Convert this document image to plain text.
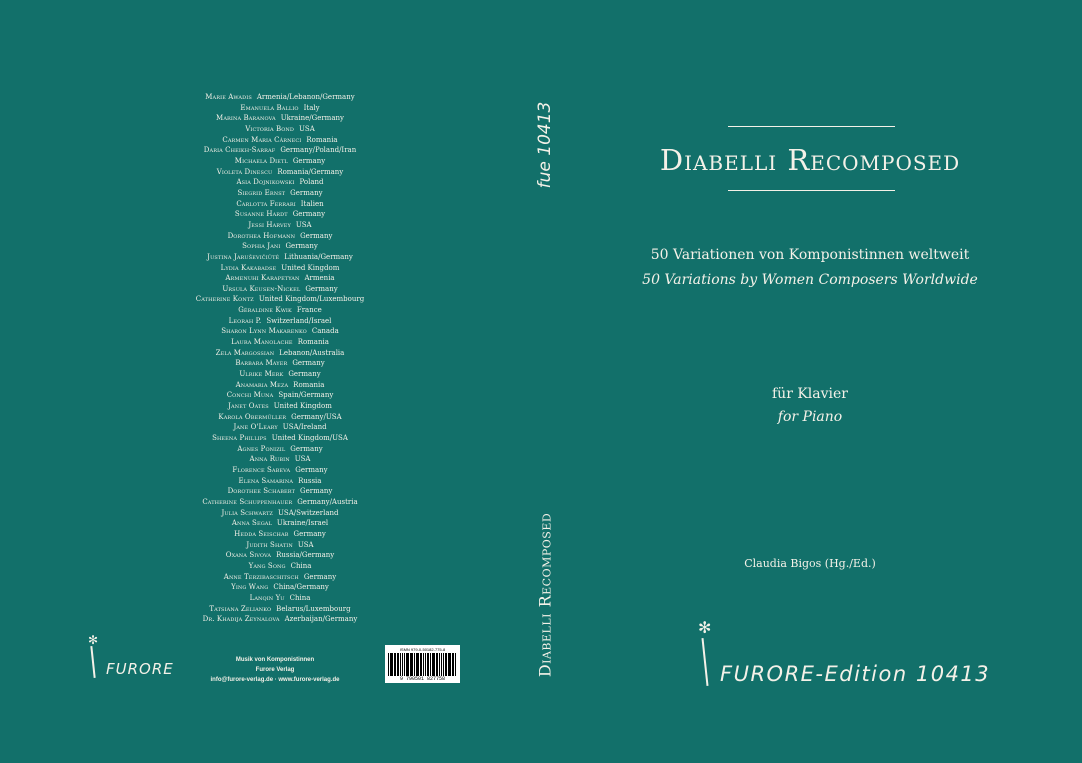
Marie Awadis Armenia/Lebanon/Germany
Emanuela Ballio Italy
Marina Baranova Ukraine/Germany
Victoria Bond USA
Carmen Maria Cârneci Romania
Daria Cheikh-Sarraf Germany/Poland/Iran
Michaela Dietl Germany
Violeta Dinescu Romania/Germany
Asia Dojnikowski Poland
Siegrid Ernst Germany
Carlotta Ferrari Italien
Susanne Hardt Germany
Jessi Harvey USA
Dorothea Hofmann Germany
Sophia Jani Germany
Justina Jaruševičiūtė Lithuania/Germany
Lydia Kakabadse United Kingdom
Armenuhi Karapetyan Armenia
Ursula Keusen-Nickel Germany
Catherine Kontz United Kingdom/Luxembourg
Géraldine Kwik France
Leorah P. Switzerland/Israel
Sharon Lynn Makarenko Canada
Laura Manolache Romania
Zela Margossian Lebanon/Australia
Barbara Mayer Germany
Ulrike Merk Germany
Anamaria Meza Romania
Conchi Muna Spain/Germany
Janet Oates United Kingdom
Karola Obermüller Germany/USA
Jane O'Leary USA/Ireland
Sheena Phillips United Kingdom/USA
Agnes Ponizil Germany
Anna Rubin USA
Florence Sabeva Germany
Elena Samarina Russia
Dorothee Schabert Germany
Catherine Schuppenhauer Germany/Austria
Julia Schwartz USA/Switzerland
Anna Segal Ukraine/Israel
Hedda Seischab Germany
Judith Shatin USA
Oxana Sivova Russia/Germany
Yang Song China
Anne Terzibaschitsch Germany
Ying Wang China/Germany
Lanqin Yu China
Tatsiana Zelianko Belarus/Luxembourg
Dr. Khadija Zeynalova Azerbaijan/Germany
✻
FURORE	Musik von Komponistinnen
Furore Verlag
info@furore-verlag.de · www.furore-verlag.de
ISMN 979-0-50182-775-8
9 790501 827758
fue 10413
Diabelli Recomposed
Diabelli Recomposed
50 Variationen von Komponistinnen weltweit
50 Variations by Women Composers Worldwide
für Klavier
for Piano
Claudia Bigos (Hg./Ed.)
✻
FURORE-Edition 10413
